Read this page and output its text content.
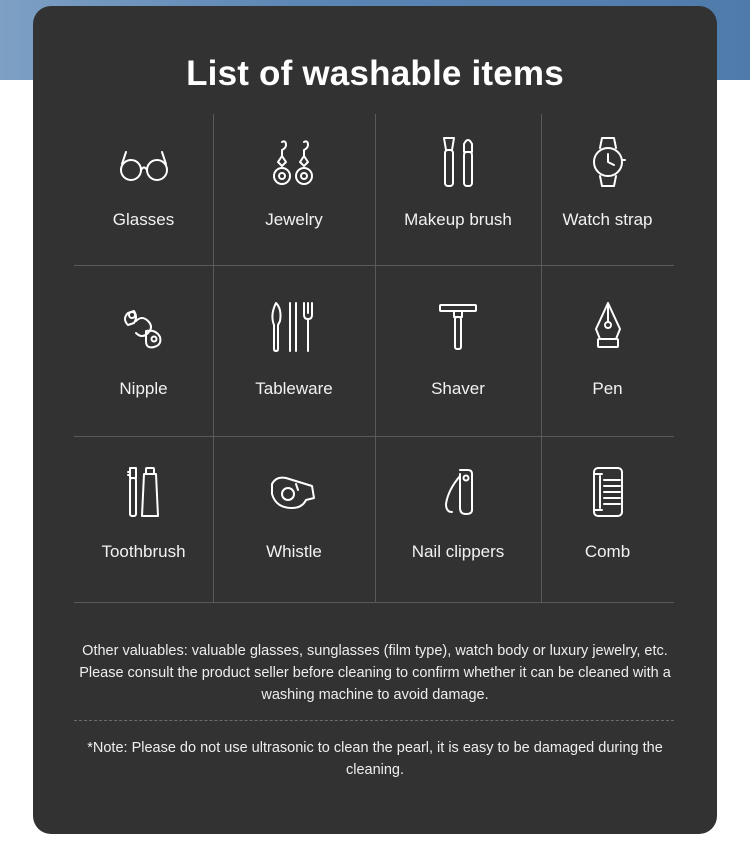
List of washable items
Glasses	Jewelry	Makeup brush	Watch strap
Nipple	Tableware	Shaver	Pen
Toothbrush	Whistle	Nail clippers	Comb
Other valuables: valuable glasses, sunglasses (film type), watch body or luxury jewelry, etc. Please consult the product seller before cleaning to confirm whether it can be cleaned with a washing machine to avoid damage.
*Note: Please do not use ultrasonic to clean the pearl, it is easy to be damaged during the cleaning.
